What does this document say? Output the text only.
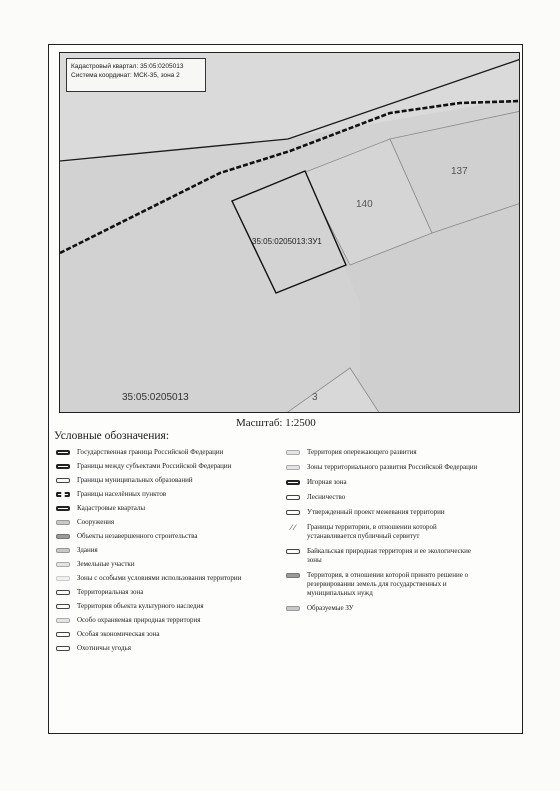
Кадастровый квартал: 35:05:0205013
Система координат: МСК-35, зона 2
137
140
3
35:05:0205013:ЗУ1
35:05:0205013
Масштаб: 1:2500
Условные обозначения:
Государственная граница Российской Федерации
Границы между субъектами Российской Федерации
Границы муниципальных образований
Границы населённых пунктов
Кадастровые кварталы
Сооружения
Объекты незавершенного строительства
Здания
Земельные участки
Зоны с особыми условиями использования территории
Территориальная зона
Территория объекта культурного наследия
Особо охраняемая природная территория
Особая экономическая зона
Охотничьи угодья
Территория опережающего развития
Зоны территориального развития Российской Федерации
Игорная зона
Лесничество
Утвержденный проект межевания территории
⁄ ⁄	Границы территории, в отношении которой устанавливается публичный сервитут
Байкальская природная территория и ее экологические зоны
Территория, в отношении которой принято решение о резервировании земель для государственных и муниципальных нужд
Образуемые ЗУ
